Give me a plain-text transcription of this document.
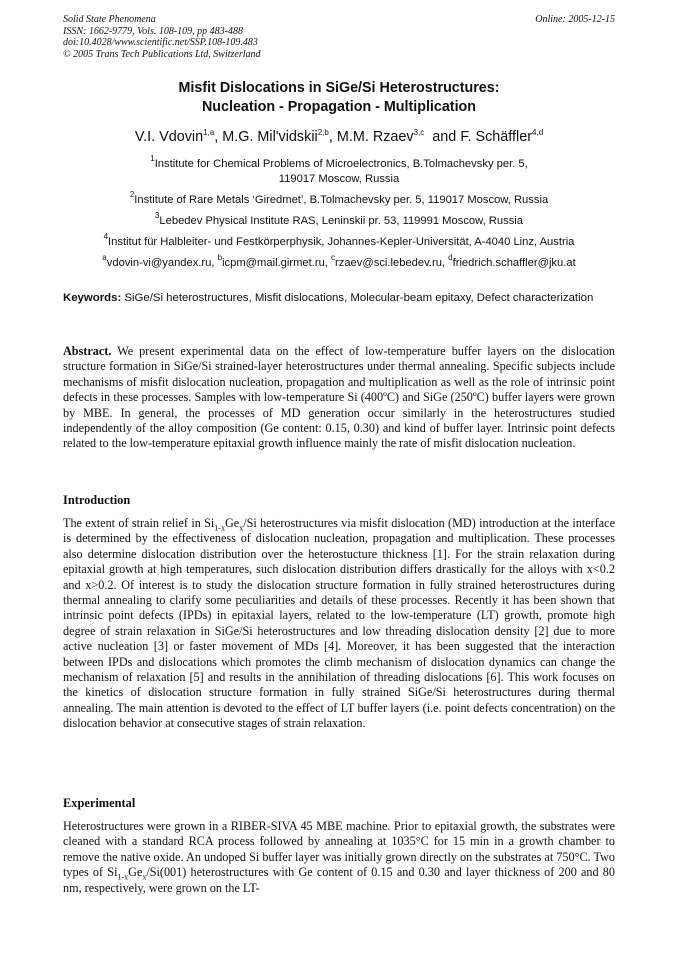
Solid State Phenomena
ISSN: 1662-9779, Vols. 108-109, pp 483-488
doi:10.4028/www.scientific.net/SSP.108-109.483
© 2005 Trans Tech Publications Ltd, Switzerland
Online: 2005-12-15
Misfit Dislocations in SiGe/Si Heterostructures:
Nucleation - Propagation - Multiplication
V.I. Vdovin$^{1,a}$, M.G. Mil'vidskii$^{2,b}$, M.M. Rzaev$^{3,c}$  and F. Schäffler$^{4,d}$
$^1$Institute for Chemical Problems of Microelectronics, B.Tolmachevsky per. 5,
119017 Moscow, Russia
$^2$Institute of Rare Metals ‘Giredmet’, B.Tolmachevsky per. 5, 119017 Moscow, Russia
$^3$Lebedev Physical Institute RAS, Leninskii pr. 53, 119991 Moscow, Russia
$^4$Institut für Halbleiter- und Festkörperphysik, Johannes-Kepler-Universität, A-4040 Linz, Austria
$^a$vdovin-vi@yandex.ru, $^b$icpm@mail.girmet.ru, $^c$rzaev@sci.lebedev.ru, $^d$friedrich.schaffler@jku.at
Keywords: SiGe/Si heterostructures, Misfit dislocations, Molecular-beam epitaxy, Defect characterization
Abstract. We present experimental data on the effect of low-temperature buffer layers on the dislocation structure formation in SiGe/Si strained-layer heterostructures under thermal annealing. Specific subjects include mechanisms of misfit dislocation nucleation, propagation and multiplication as well as the role of intrinsic point defects in these processes. Samples with low-temperature Si (400ºC) and SiGe (250ºC) buffer layers were grown by MBE. In general, the processes of MD generation occur similarly in the heterostructures studied independently of the alloy composition (Ge content: 0.15, 0.30) and kind of buffer layer. Intrinsic point defects related to the low-temperature epitaxial growth influence mainly the rate of misfit dislocation nucleation.
Introduction
The extent of strain relief in $Si_{1-x}Ge_x/Si$ heterostructures via misfit dislocation (MD) introduction at the interface is determined by the effectiveness of dislocation nucleation, propagation and multiplication. These processes also determine dislocation distribution over the heterostucture thickness [1]. For the strain relaxation during epitaxial growth at high temperatures, such dislocation distribution differs drastically for the alloys with x<0.2 and x>0.2. Of interest is to study the dislocation structure formation in fully strained heterostructures during thermal annealing to clarify some peculiarities and details of these processes. Recently it has been shown that intrinsic point defects (IPDs) in epitaxial layers, related to the low-temperature (LT) growth, promote high degree of strain relaxation in SiGe/Si heterostructures and low threading dislocation density [2] due to more active nucleation [3] or faster movement of MDs [4]. Moreover, it has been suggested that the interaction between IPDs and dislocations which promotes the climb mechanism of dislocation dynamics can change the mechanism of relaxation [5] and results in the annihilation of threading dislocations [6]. This work focuses on the kinetics of dislocation structure formation in fully strained SiGe/Si heterostructures during thermal annealing. The main attention is devoted to the effect of LT buffer layers (i.e. point defects concentration) on the dislocation behavior at consecutive stages of strain relaxation.
Experimental
Heterostructures were grown in a RIBER-SIVA 45 MBE machine. Prior to epitaxial growth, the substrates were cleaned with a standard RCA process followed by annealing at 1035°C for 15 min in a growth chamber to remove the native oxide. An undoped Si buffer layer was initially grown directly on the substrates at 750°C. Two types of $Si_{1-x}Ge_x/Si(001)$ heterostructures with Ge content of 0.15 and 0.30 and layer thickness of 200 and 80 nm, respectively, were grown on the LT-
